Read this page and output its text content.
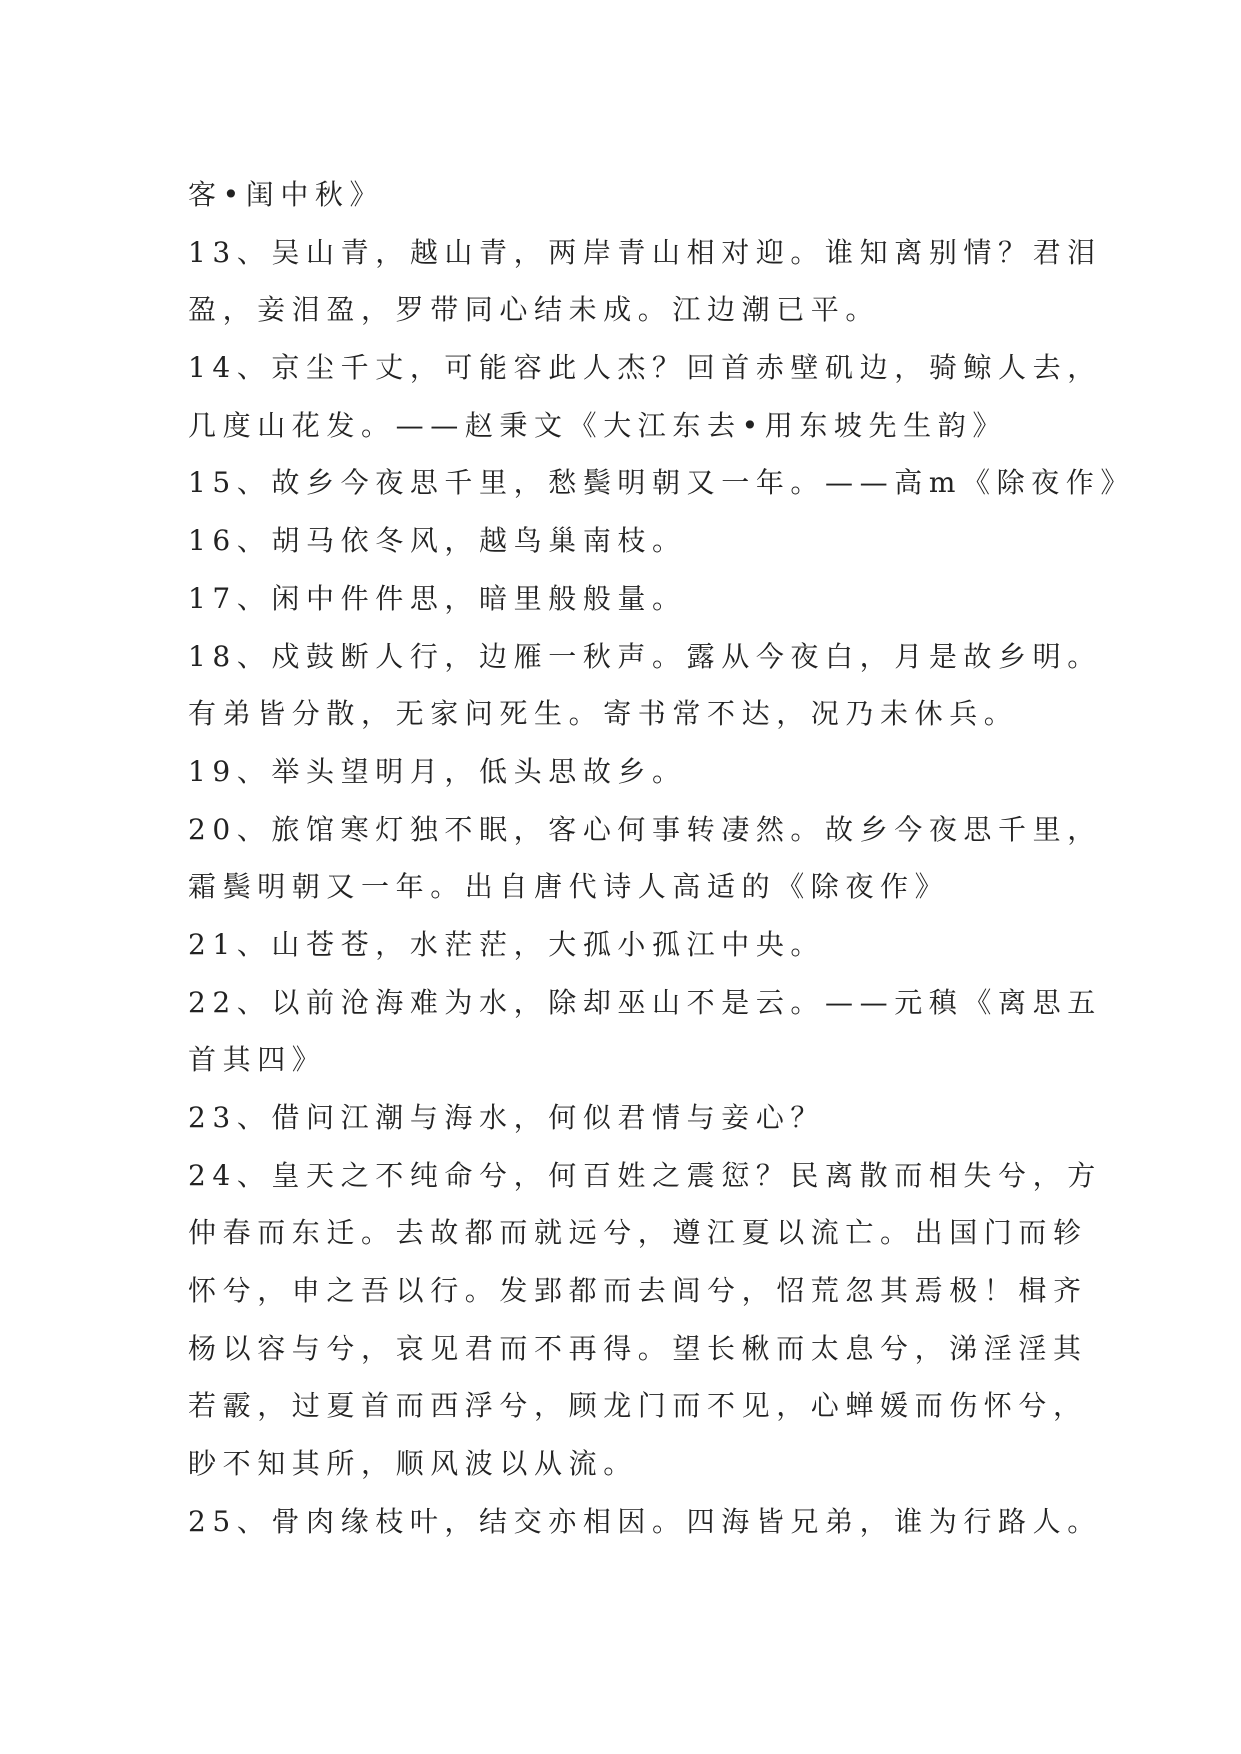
客•闺中秋》
13、吴山青，越山青，两岸青山相对迎。谁知离别情？君泪
盈，妾泪盈，罗带同心结未成。江边潮已平。
14、京尘千丈，可能容此人杰？回首赤壁矶边，骑鲸人去，
几度山花发。——赵秉文《大江东去•用东坡先生韵》
15、故乡今夜思千里，愁鬓明朝又一年。——高m《除夜作》
16、胡马依冬风，越鸟巢南枝。
17、闲中件件思，暗里般般量。
18、戍鼓断人行，边雁一秋声。露从今夜白，月是故乡明。
有弟皆分散，无家问死生。寄书常不达，况乃未休兵。
19、举头望明月，低头思故乡。
20、旅馆寒灯独不眠，客心何事转凄然。故乡今夜思千里，
霜鬓明朝又一年。出自唐代诗人高适的《除夜作》
21、山苍苍，水茫茫，大孤小孤江中央。
22、以前沧海难为水，除却巫山不是云。——元稹《离思五
首其四》
23、借问江潮与海水，何似君情与妾心？
24、皇天之不纯命兮，何百姓之震愆？民离散而相失兮，方
仲春而东迁。去故都而就远兮，遵江夏以流亡。出国门而轸
怀兮，申之吾以行。发郢都而去闾兮，怊荒忽其焉极！楫齐
杨以容与兮，哀见君而不再得。望长楸而太息兮，涕淫淫其
若霰，过夏首而西浮兮，顾龙门而不见，心蝉媛而伤怀兮，
眇不知其所，顺风波以从流。
25、骨肉缘枝叶，结交亦相因。四海皆兄弟，谁为行路人。
